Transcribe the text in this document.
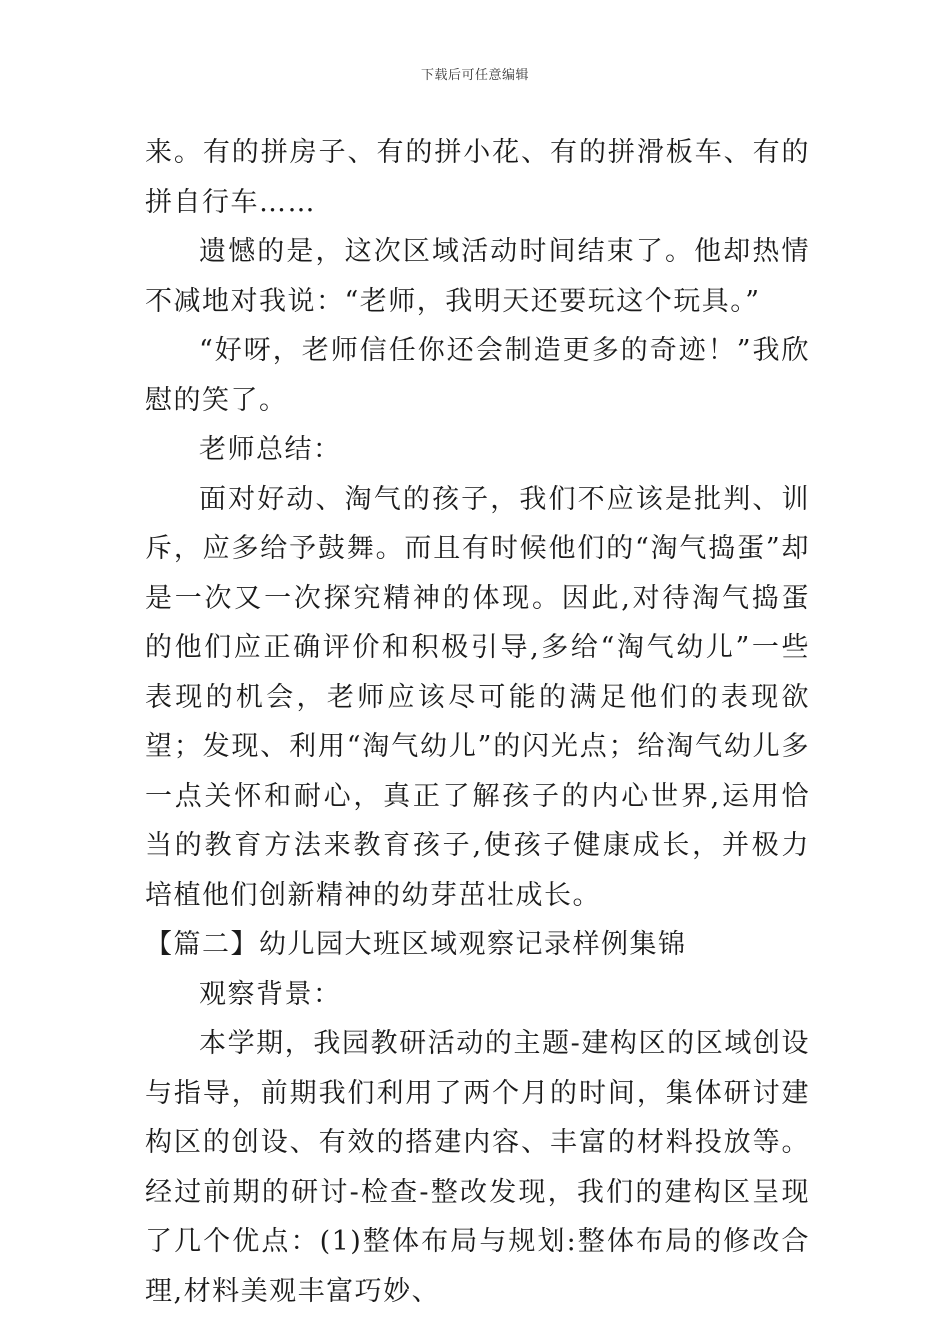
下载后可任意编辑

来。有的拼房子、有的拼小花、有的拼滑板车、有的拼自行车……

遗憾的是，这次区域活动时间结束了。他却热情不减地对我说：“老师，我明天还要玩这个玩具。”

“好呀，老师信任你还会制造更多的奇迹！”我欣慰的笑了。

老师总结：

面对好动、淘气的孩子，我们不应该是批判、训斥，应多给予鼓舞。而且有时候他们的“淘气捣蛋”却是一次又一次探究精神的体现。因此,对待淘气捣蛋的他们应正确评价和积极引导,多给“淘气幼儿”一些表现的机会，老师应该尽可能的满足他们的表现欲望；发现、利用“淘气幼儿”的闪光点；给淘气幼儿多一点关怀和耐心，真正了解孩子的内心世界,运用恰当的教育方法来教育孩子,使孩子健康成长，并极力培植他们创新精神的幼芽茁壮成长。

【篇二】幼儿园大班区域观察记录样例集锦

观察背景：

本学期，我园教研活动的主题-建构区的区域创设与指导，前期我们利用了两个月的时间，集体研讨建构区的创设、有效的搭建内容、丰富的材料投放等。经过前期的研讨-检查-整改发现，我们的建构区呈现了几个优点：(1)整体布局与规划:整体布局的修改合理,材料美观丰富巧妙、
